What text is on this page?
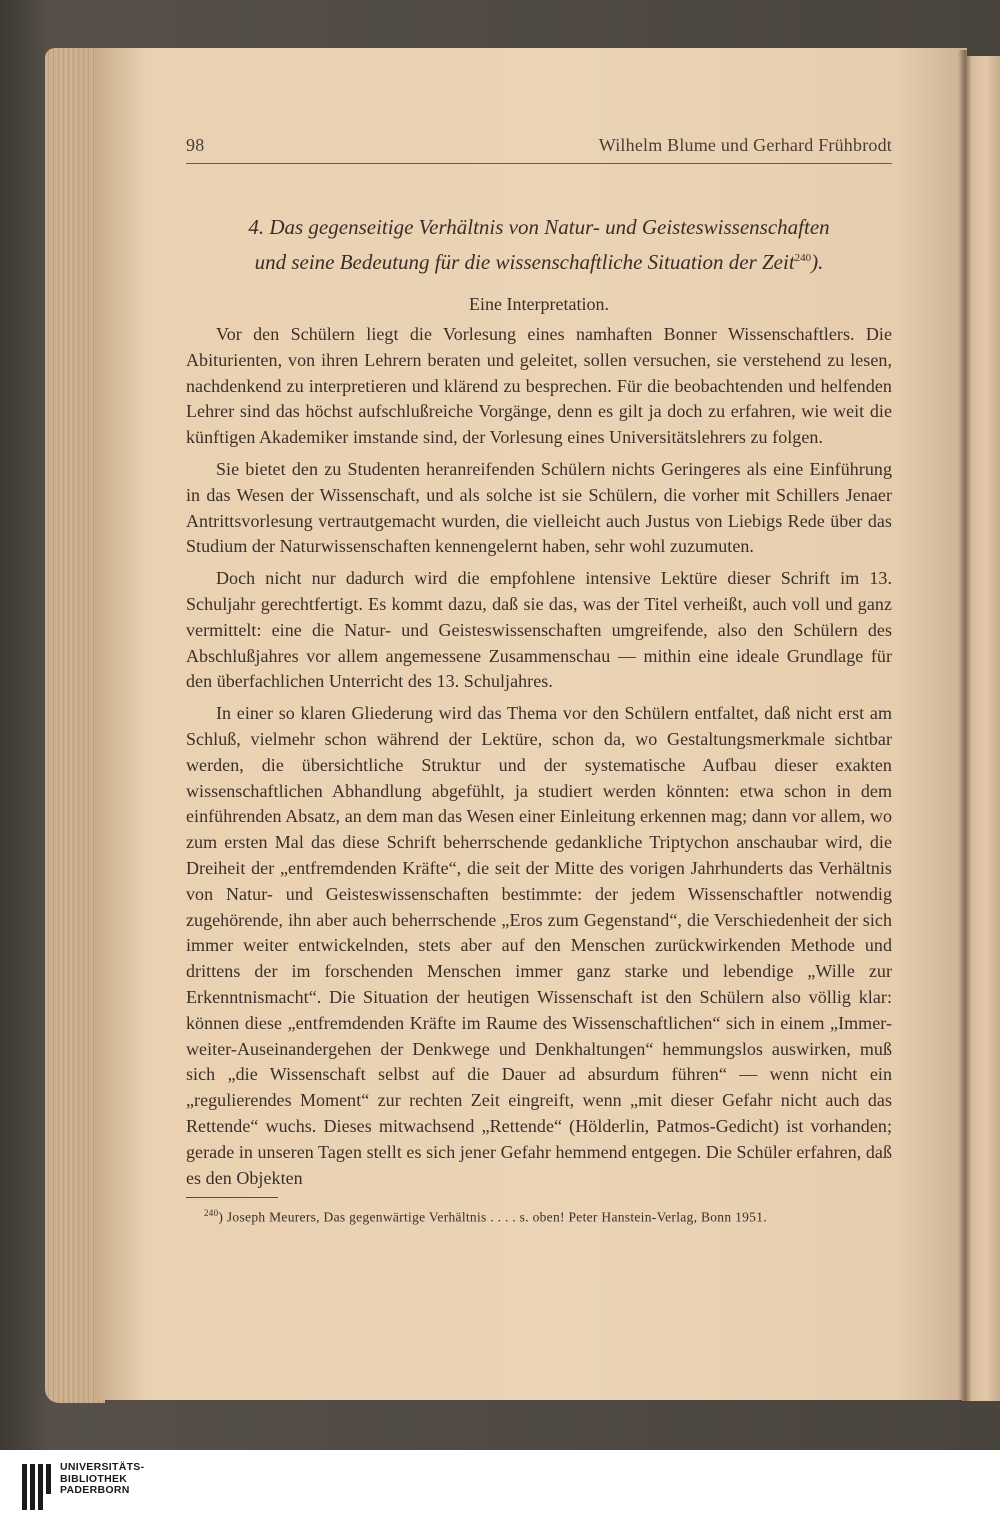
98	Wilhelm Blume und Gerhard Frühbrodt
4. Das gegenseitige Verhältnis von Natur- und Geisteswissenschaften
und seine Bedeutung für die wissenschaftliche Situation der Zeit$^{240}$).
Eine Interpretation.

Vor den Schülern liegt die Vorlesung eines namhaften Bonner Wissenschaftlers. Die Abiturienten, von ihren Lehrern beraten und geleitet, sollen versuchen, sie verstehend zu lesen, nachdenkend zu interpretieren und klärend zu besprechen. Für die beobachtenden und helfenden Lehrer sind das höchst aufschlußreiche Vorgänge, denn es gilt ja doch zu erfahren, wie weit die künftigen Akademiker imstande sind, der Vorlesung eines Universitätslehrers zu folgen.

Sie bietet den zu Studenten heranreifenden Schülern nichts Geringeres als eine Einführung in das Wesen der Wissenschaft, und als solche ist sie Schülern, die vorher mit Schillers Jenaer Antrittsvorlesung vertrautgemacht wurden, die vielleicht auch Justus von Liebigs Rede über das Studium der Naturwissenschaften kennengelernt haben, sehr wohl zuzumuten.

Doch nicht nur dadurch wird die empfohlene intensive Lektüre dieser Schrift im 13. Schuljahr gerechtfertigt. Es kommt dazu, daß sie das, was der Titel verheißt, auch voll und ganz vermittelt: eine die Natur- und Geisteswissenschaften umgreifende, also den Schülern des Abschlußjahres vor allem angemessene Zusammenschau — mithin eine ideale Grundlage für den überfachlichen Unterricht des 13. Schuljahres.

In einer so klaren Gliederung wird das Thema vor den Schülern entfaltet, daß nicht erst am Schluß, vielmehr schon während der Lektüre, schon da, wo Gestaltungsmerkmale sichtbar werden, die übersichtliche Struktur und der systematische Aufbau dieser exakten wissenschaftlichen Abhandlung abgefühlt, ja studiert werden könnten: etwa schon in dem einführenden Absatz, an dem man das Wesen einer Einleitung erkennen mag; dann vor allem, wo zum ersten Mal das diese Schrift beherrschende gedankliche Triptychon anschaubar wird, die Dreiheit der „entfremdenden Kräfte“, die seit der Mitte des vorigen Jahrhunderts das Verhältnis von Natur- und Geisteswissenschaften bestimmte: der jedem Wissenschaftler notwendig zugehörende, ihn aber auch beherrschende „Eros zum Gegenstand“, die Verschiedenheit der sich immer weiter entwickelnden, stets aber auf den Menschen zurückwirkenden Methode und drittens der im forschenden Menschen immer ganz starke und lebendige „Wille zur Erkenntnismacht“. Die Situation der heutigen Wissenschaft ist den Schülern also völlig klar: können diese „entfremdenden Kräfte im Raume des Wissenschaftlichen“ sich in einem „Immer-weiter-Auseinandergehen der Denkwege und Denkhaltungen“ hemmungslos auswirken, muß sich „die Wissenschaft selbst auf die Dauer ad absurdum führen“ — wenn nicht ein „regulierendes Moment“ zur rechten Zeit eingreift, wenn „mit dieser Gefahr nicht auch das Rettende“ wuchs. Dieses mitwachsend „Rettende“ (Hölderlin, Patmos-Gedicht) ist vorhanden; gerade in unseren Tagen stellt es sich jener Gefahr hemmend entgegen. Die Schüler erfahren, daß es den Objekten

$^{240}$) Joseph Meurers, Das gegenwärtige Verhältnis . . . . s. oben! Peter Hanstein-Verlag, Bonn 1951.
UNIVERSITÄTS-
BIBLIOTHEK
PADERBORN
